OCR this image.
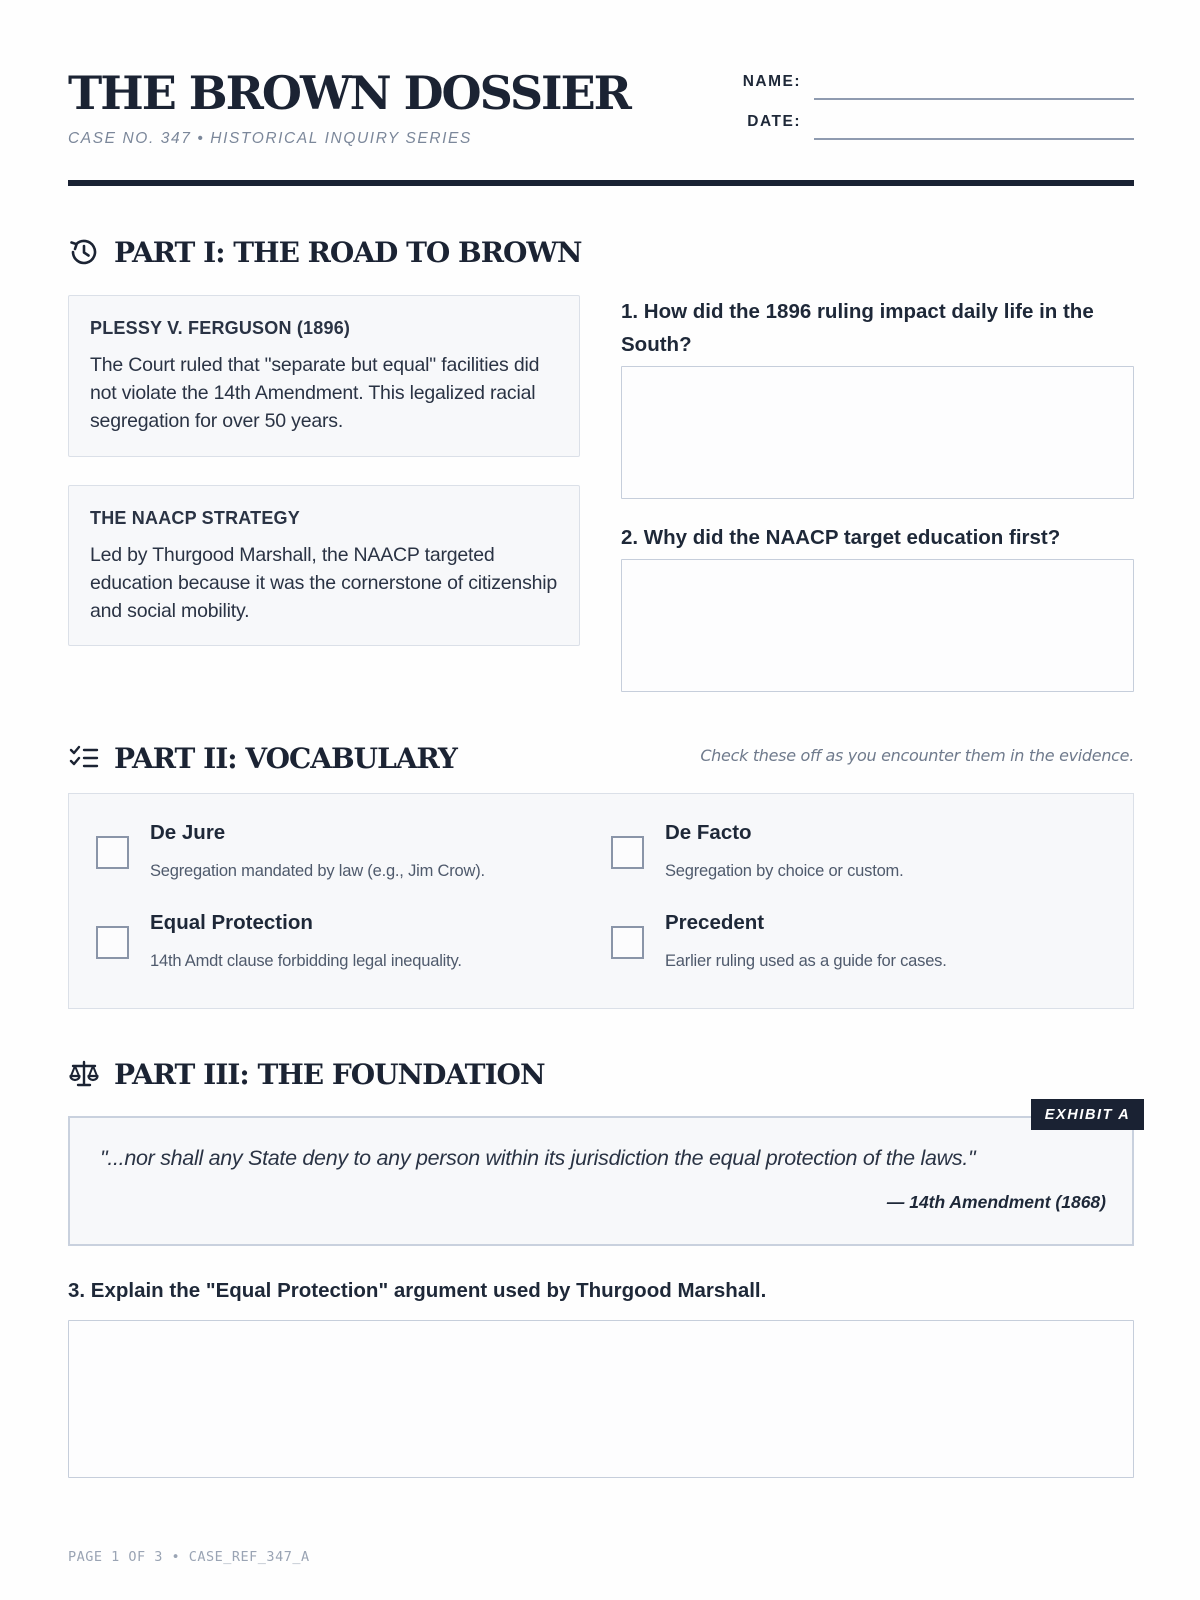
THE BROWN DOSSIER
CASE NO. 347 • HISTORICAL INQUIRY SERIES
NAME:
DATE:
PART I: THE ROAD TO BROWN
PLESSY V. FERGUSON (1896)
The Court ruled that "separate but equal" facilities did not violate the 14th Amendment. This legalized racial segregation for over 50 years.
THE NAACP STRATEGY
Led by Thurgood Marshall, the NAACP targeted education because it was the cornerstone of citizenship and social mobility.
1. How did the 1896 ruling impact daily life in the South?
2. Why did the NAACP target education first?
PART II: VOCABULARY	Check these off as you encounter them in the evidence.
De Jure
Segregation mandated by law (e.g., Jim Crow).
De Facto
Segregation by choice or custom.
Equal Protection
14th Amdt clause forbidding legal inequality.
Precedent
Earlier ruling used as a guide for cases.
PART III: THE FOUNDATION
"...nor shall any State deny to any person within its jurisdiction the equal protection of the laws."
— 14th Amendment (1868)
EXHIBIT A
3. Explain the "Equal Protection" argument used by Thurgood Marshall.
PAGE 1 OF 3 • CASE_REF_347_A
